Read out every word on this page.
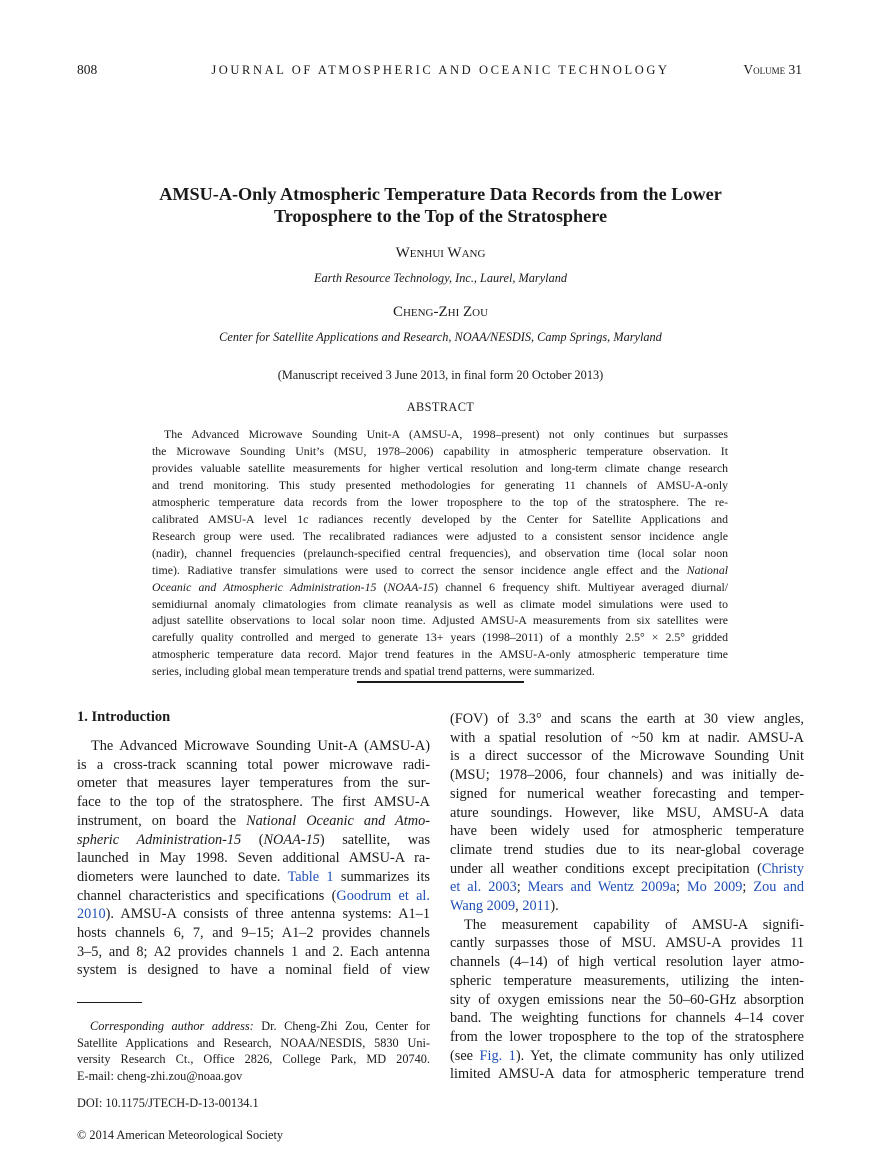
808	JOURNAL OF ATMOSPHERIC AND OCEANIC TECHNOLOGY	Volume 31
AMSU-A-Only Atmospheric Temperature Data Records from the Lower
Troposphere to the Top of the Stratosphere
Wenhui Wang
Earth Resource Technology, Inc., Laurel, Maryland
Cheng-Zhi Zou
Center for Satellite Applications and Research, NOAA/NESDIS, Camp Springs, Maryland
(Manuscript received 3 June 2013, in final form 20 October 2013)
ABSTRACT
The Advanced Microwave Sounding Unit-A (AMSU-A, 1998–present) not only continues but surpasses
the Microwave Sounding Unit’s (MSU, 1978–2006) capability in atmospheric temperature observation. It
provides valuable satellite measurements for higher vertical resolution and long-term climate change research
and trend monitoring. This study presented methodologies for generating 11 channels of AMSU-A-only
atmospheric temperature data records from the lower troposphere to the top of the stratosphere. The re-
calibrated AMSU-A level 1c radiances recently developed by the Center for Satellite Applications and
Research group were used. The recalibrated radiances were adjusted to a consistent sensor incidence angle
(nadir), channel frequencies (prelaunch-specified central frequencies), and observation time (local solar noon
time). Radiative transfer simulations were used to correct the sensor incidence angle effect and the National
Oceanic and Atmospheric Administration-15 (NOAA-15) channel 6 frequency shift. Multiyear averaged diurnal/
semidiurnal anomaly climatologies from climate reanalysis as well as climate model simulations were used to
adjust satellite observations to local solar noon time. Adjusted AMSU-A measurements from six satellites were
carefully quality controlled and merged to generate 13+ years (1998–2011) of a monthly 2.5° × 2.5° gridded
atmospheric temperature data record. Major trend features in the AMSU-A-only atmospheric temperature time
series, including global mean temperature trends and spatial trend patterns, were summarized.
1. Introduction
The Advanced Microwave Sounding Unit-A (AMSU-A)
is a cross-track scanning total power microwave radi-
ometer that measures layer temperatures from the sur-
face to the top of the stratosphere. The first AMSU-A
instrument, on board the National Oceanic and Atmo-
spheric Administration-15 (NOAA-15) satellite, was
launched in May 1998. Seven additional AMSU-A ra-
diometers were launched to date. Table 1 summarizes its
channel characteristics and specifications (Goodrum et al.
2010). AMSU-A consists of three antenna systems: A1–1
hosts channels 6, 7, and 9–15; A1–2 provides channels
3–5, and 8; A2 provides channels 1 and 2. Each antenna
system is designed to have a nominal field of view
Corresponding author address: Dr. Cheng-Zhi Zou, Center for
Satellite Applications and Research, NOAA/NESDIS, 5830 Uni-
versity Research Ct., Office 2826, College Park, MD 20740.
E-mail: cheng-zhi.zou@noaa.gov
DOI: 10.1175/JTECH-D-13-00134.1
© 2014 American Meteorological Society
(FOV) of 3.3° and scans the earth at 30 view angles,
with a spatial resolution of ~50 km at nadir. AMSU-A
is a direct successor of the Microwave Sounding Unit
(MSU; 1978–2006, four channels) and was initially de-
signed for numerical weather forecasting and temper-
ature soundings. However, like MSU, AMSU-A data
have been widely used for atmospheric temperature
climate trend studies due to its near-global coverage
under all weather conditions except precipitation (Christy
et al. 2003; Mears and Wentz 2009a; Mo 2009; Zou and
Wang 2009, 2011).
The measurement capability of AMSU-A signifi-
cantly surpasses those of MSU. AMSU-A provides 11
channels (4–14) of high vertical resolution layer atmo-
spheric temperature measurements, utilizing the inten-
sity of oxygen emissions near the 50–60-GHz absorption
band. The weighting functions for channels 4–14 cover
from the lower troposphere to the top of the stratosphere
(see Fig. 1). Yet, the climate community has only utilized
limited AMSU-A data for atmospheric temperature trend
